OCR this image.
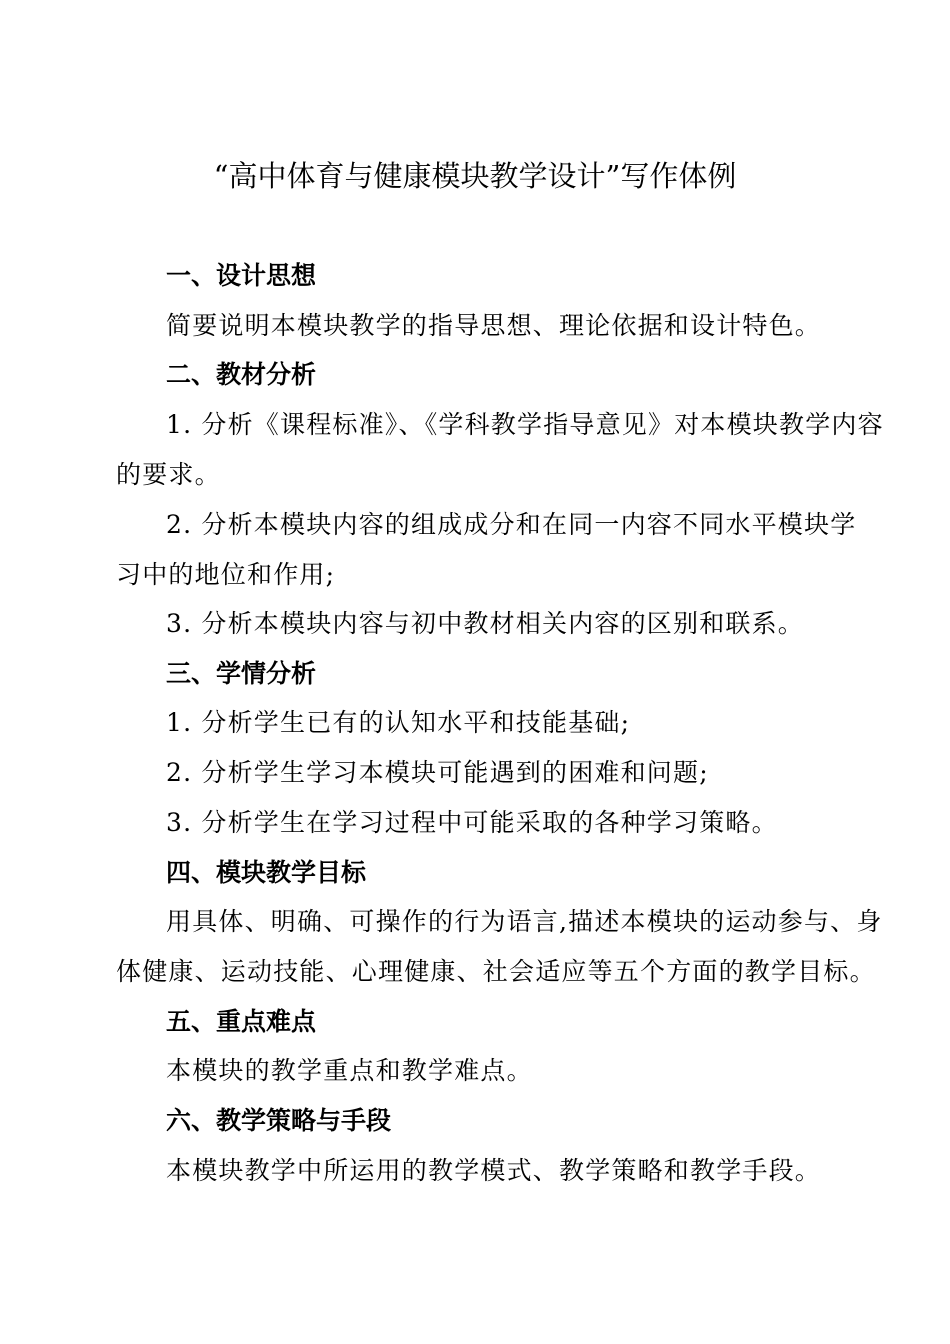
“高中体育与健康模块教学设计”写作体例
一、设计思想
简要说明本模块教学的指导思想、理论依据和设计特色。
二、教材分析
1. 分析《课程标准》、《学科教学指导意见》对本模块教学内容
的要求。
2. 分析本模块内容的组成成分和在同一内容不同水平模块学
习中的地位和作用;
3. 分析本模块内容与初中教材相关内容的区别和联系。
三、学情分析
1. 分析学生已有的认知水平和技能基础;
2. 分析学生学习本模块可能遇到的困难和问题;
3. 分析学生在学习过程中可能采取的各种学习策略。
四、模块教学目标
用具体、明确、可操作的行为语言,描述本模块的运动参与、身
体健康、运动技能、心理健康、社会适应等五个方面的教学目标。
五、重点难点
本模块的教学重点和教学难点。
六、教学策略与手段
本模块教学中所运用的教学模式、教学策略和教学手段。
